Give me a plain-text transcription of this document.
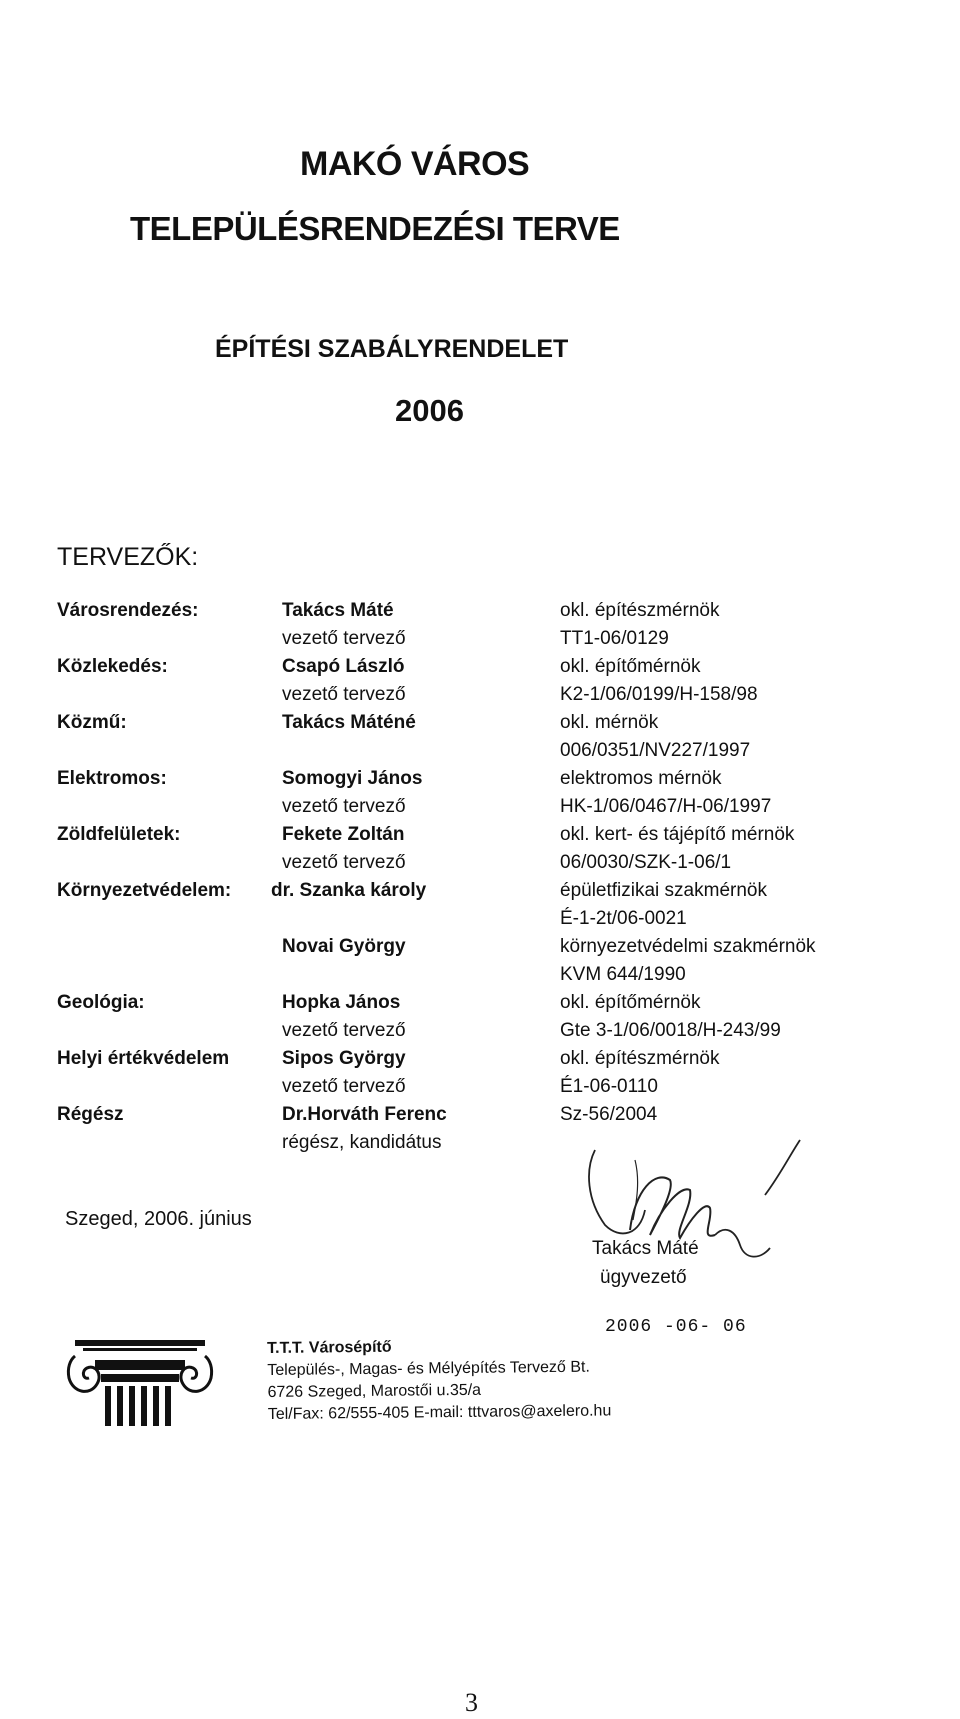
MAKÓ VÁROS
TELEPÜLÉSRENDEZÉSI TERVE
ÉPÍTÉSI SZABÁLYRENDELET
2006
TERVEZŐK:
Városrendezés:	Takács Máté	okl. építészmérnök
vezető tervező	TT1-06/0129
Közlekedés:	Csapó László	okl. építőmérnök
vezető tervező	K2-1/06/0199/H-158/98
Közmű:	Takács Máténé	okl. mérnök
006/0351/NV227/1997
Elektromos:	Somogyi János	elektromos mérnök
vezető tervező	HK-1/06/0467/H-06/1997
Zöldfelületek:	Fekete Zoltán	okl. kert- és tájépítő mérnök
vezető tervező	06/0030/SZK-1-06/1
Környezetvédelem: dr. Szanka károly	épületfizikai szakmérnök
É-1-2t/06-0021
Novai György	környezetvédelmi szakmérnök
KVM 644/1990
Geológia:	Hopka János	okl. építőmérnök
vezető tervező	Gte 3-1/06/0018/H-243/99
Helyi értékvédelem	Sipos György	okl. építészmérnök
vezető tervező	É1-06-0110
Régész	Dr.Horváth Ferenc	Sz-56/2004
régész, kandidátus
Szeged, 2006. június
Takács Máté
ügyvezető
2006 -06- 06
T.T.T. Városépítő
Település-, Magas- és Mélyépítés Tervező Bt.
6726 Szeged, Marostői u.35/a
Tel/Fax: 62/555-405 E-mail: tttvaros@axelero.hu
3
